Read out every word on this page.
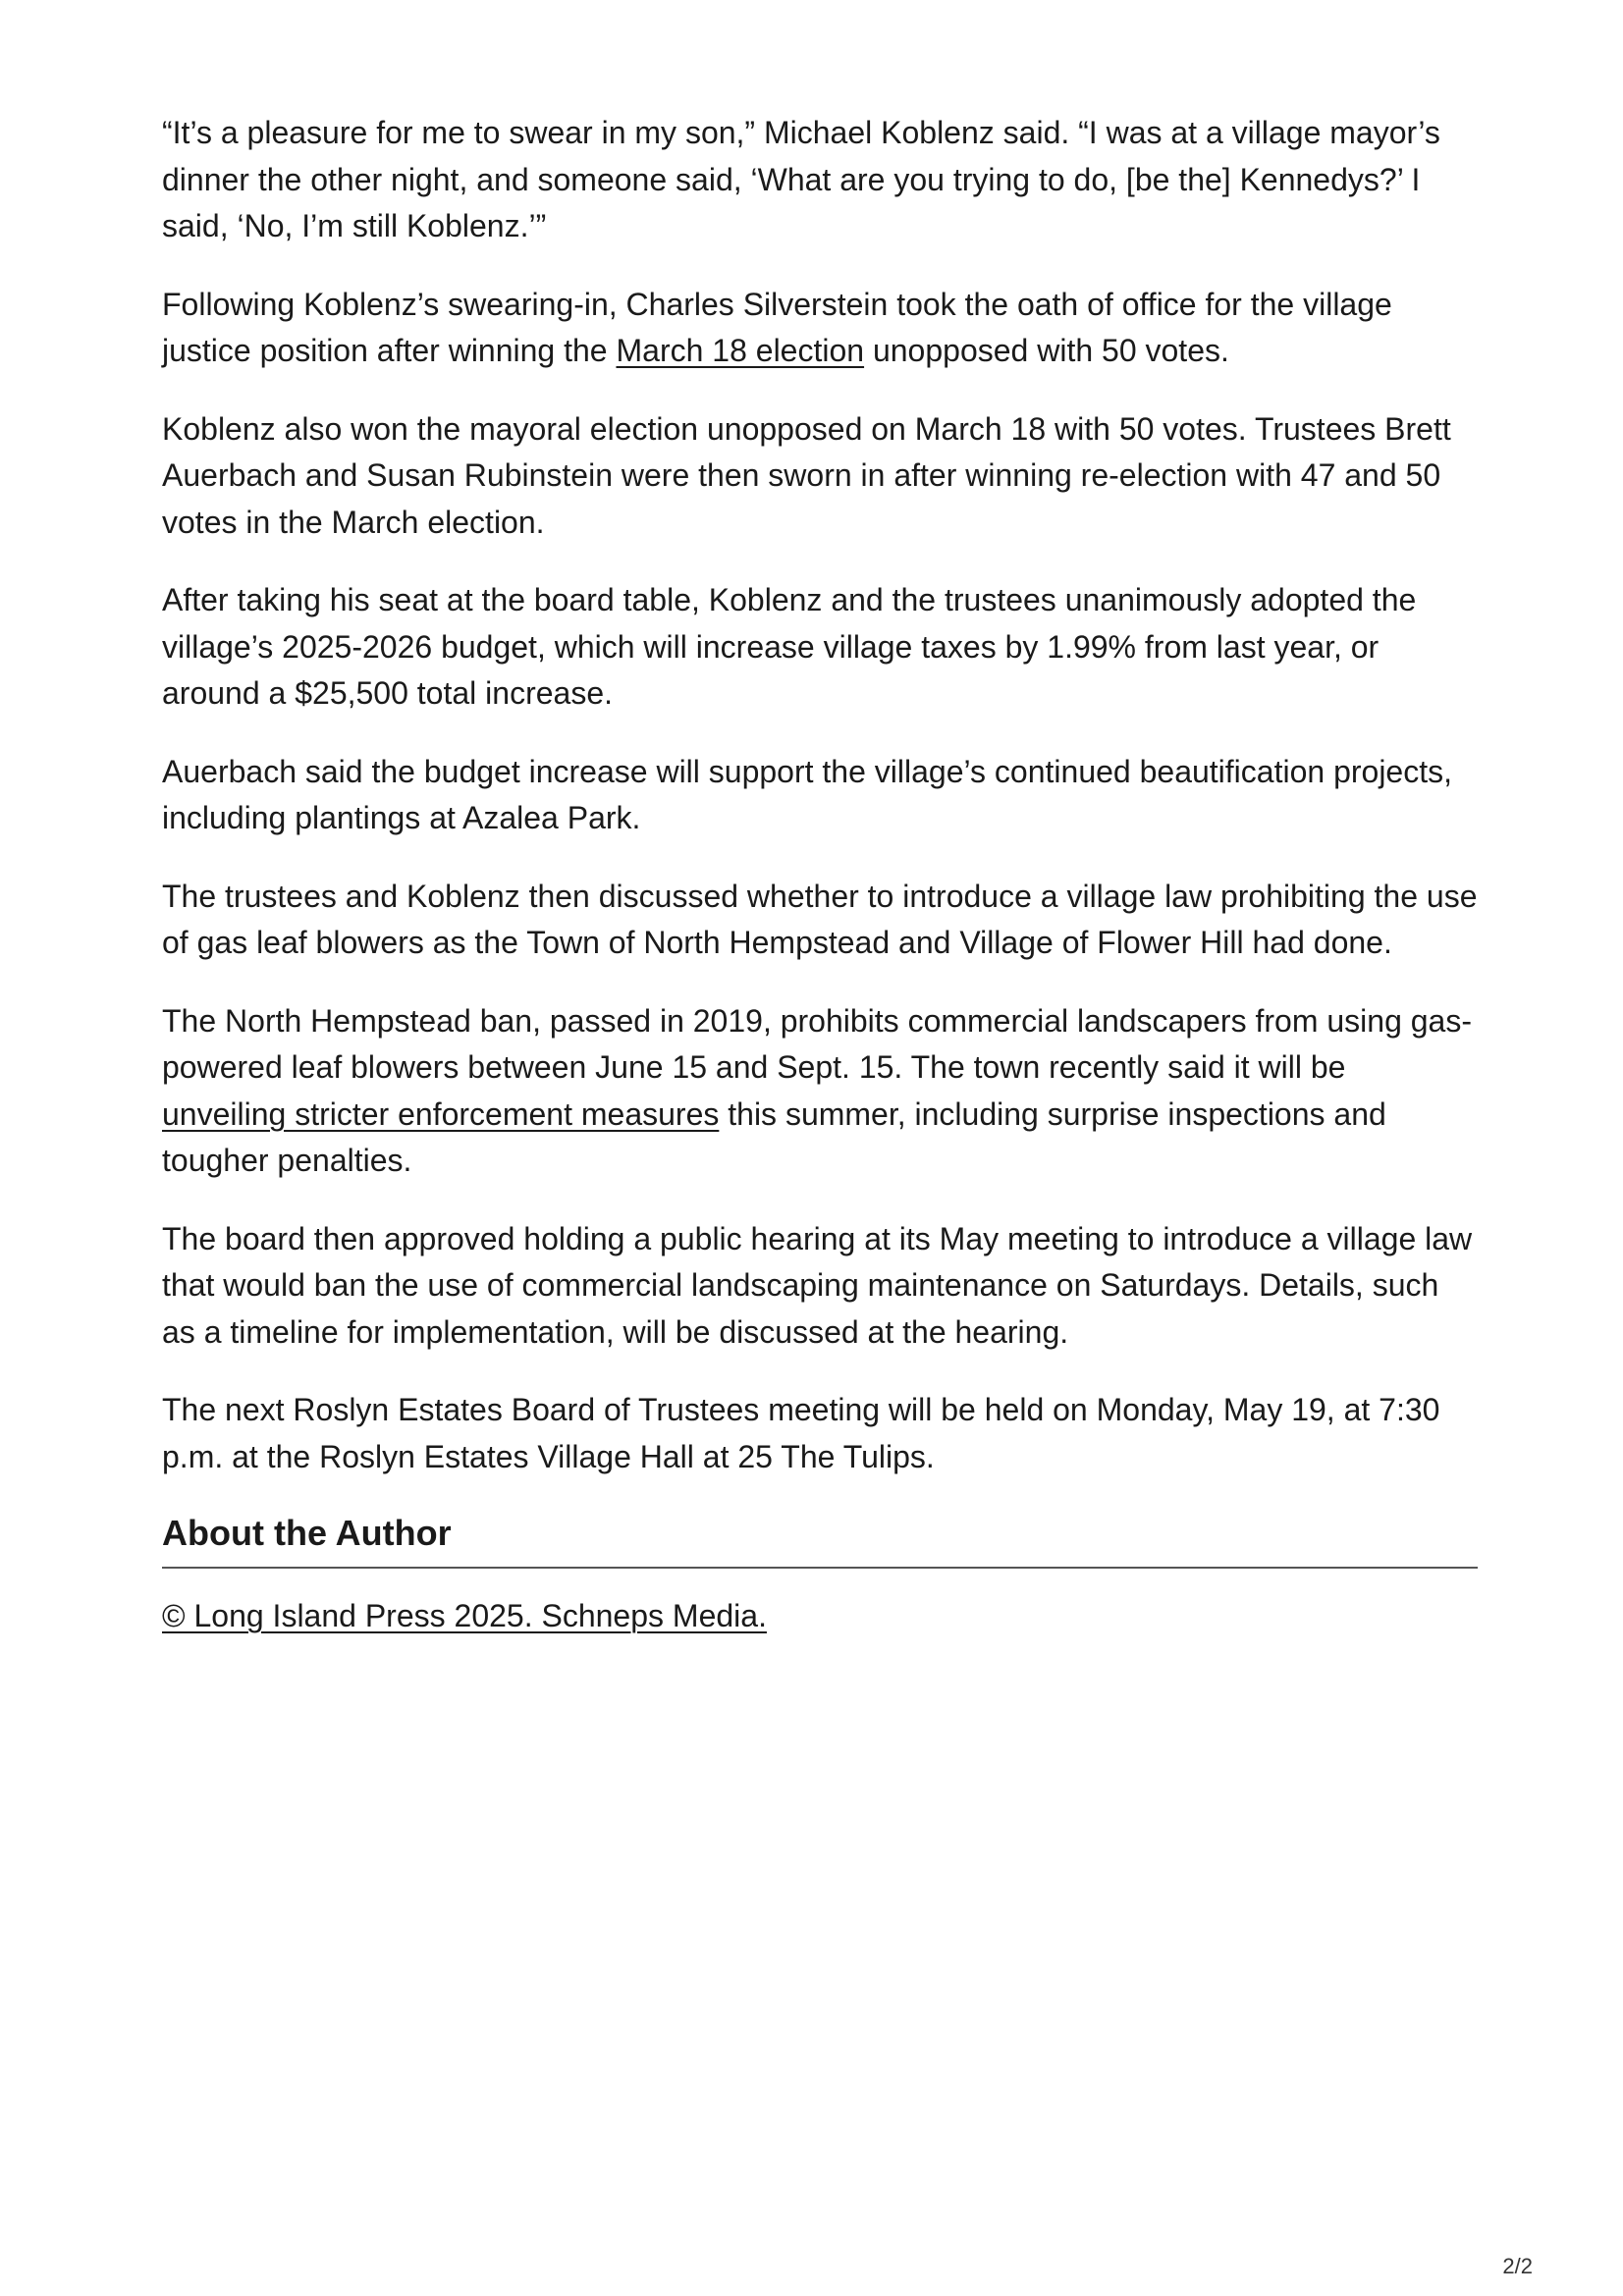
“It’s a pleasure for me to swear in my son,” Michael Koblenz said. “I was at a village mayor’s dinner the other night, and someone said, ‘What are you trying to do, [be the] Kennedys?’ I said, ‘No, I’m still Koblenz.’”

Following Koblenz’s swearing-in, Charles Silverstein took the oath of office for the village justice position after winning the March 18 election unopposed with 50 votes.

Koblenz also won the mayoral election unopposed on March 18 with 50 votes. Trustees Brett Auerbach and Susan Rubinstein were then sworn in after winning re-election with 47 and 50 votes in the March election.

After taking his seat at the board table, Koblenz and the trustees unanimously adopted the village’s 2025-2026 budget, which will increase village taxes by 1.99% from last year, or around a $25,500 total increase.

Auerbach said the budget increase will support the village’s continued beautification projects, including plantings at Azalea Park.

The trustees and Koblenz then discussed whether to introduce a village law prohibiting the use of gas leaf blowers as the Town of North Hempstead and Village of Flower Hill had done.

The North Hempstead ban, passed in 2019, prohibits commercial landscapers from using gas-powered leaf blowers between June 15 and Sept. 15. The town recently said it will be unveiling stricter enforcement measures this summer, including surprise inspections and tougher penalties.

The board then approved holding a public hearing at its May meeting to introduce a village law that would ban the use of commercial landscaping maintenance on Saturdays. Details, such as a timeline for implementation, will be discussed at the hearing.

The next Roslyn Estates Board of Trustees meeting will be held on Monday, May 19, at 7:30 p.m. at the Roslyn Estates Village Hall at 25 The Tulips.

About the Author
© Long Island Press 2025. Schneps Media.
2/2
